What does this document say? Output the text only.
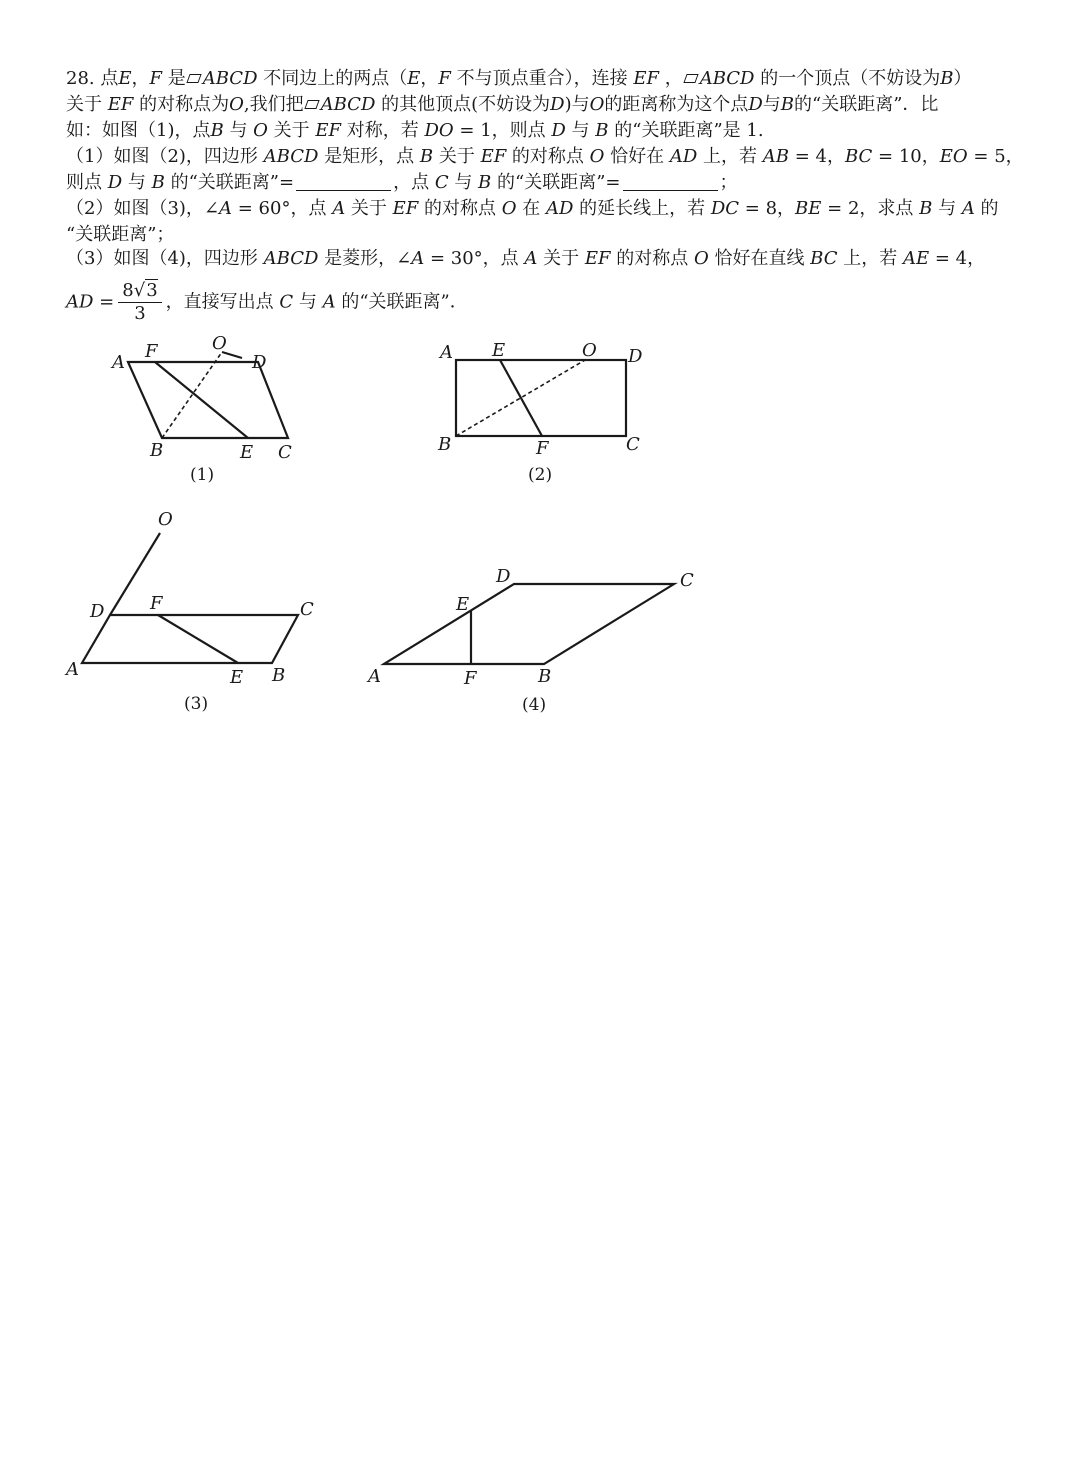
28. 点E，F 是 ABCD 不同边上的两点（E，F 不与顶点重合），连接 EF ， ABCD 的一个顶点（不妨设为B）
关于 EF 的对称点为O,我们把 ABCD 的其他顶点(不妨设为D)与O的距离称为这个点D与B的“关联距离”．比
如：如图（1)，点B 与 O 关于 EF 对称，若 DO = 1，则点 D 与 B 的“关联距离”是 1.
（1）如图（2)，四边形 ABCD 是矩形，点 B 关于 EF 的对称点 O 恰好在 AD 上，若 AB = 4，BC = 10，EO = 5，
则点 D 与 B 的“关联距离”=	，点 C 与 B 的“关联距离”=	；
（2）如图（3)，∠A = 60°，点 A 关于 EF 的对称点 O 在 AD 的延长线上，若 DC = 8，BE = 2，求点 B 与 A 的
“关联距离”；
（3）如图（4)，四边形 ABCD 是菱形，∠A = 30°，点 A 关于 EF 的对称点 O 恰好在直线 BC 上，若 AE = 4，
AD = $\frac{8√3}{3}$ ，直接写出点 C 与 A 的“关联距离”．
A
F	O
D
B	E C
(1)
A E	O D
B	F	C
(2)
O
D	F	C
A	E B
(3)
D	C
E
A	F	B
(4)
